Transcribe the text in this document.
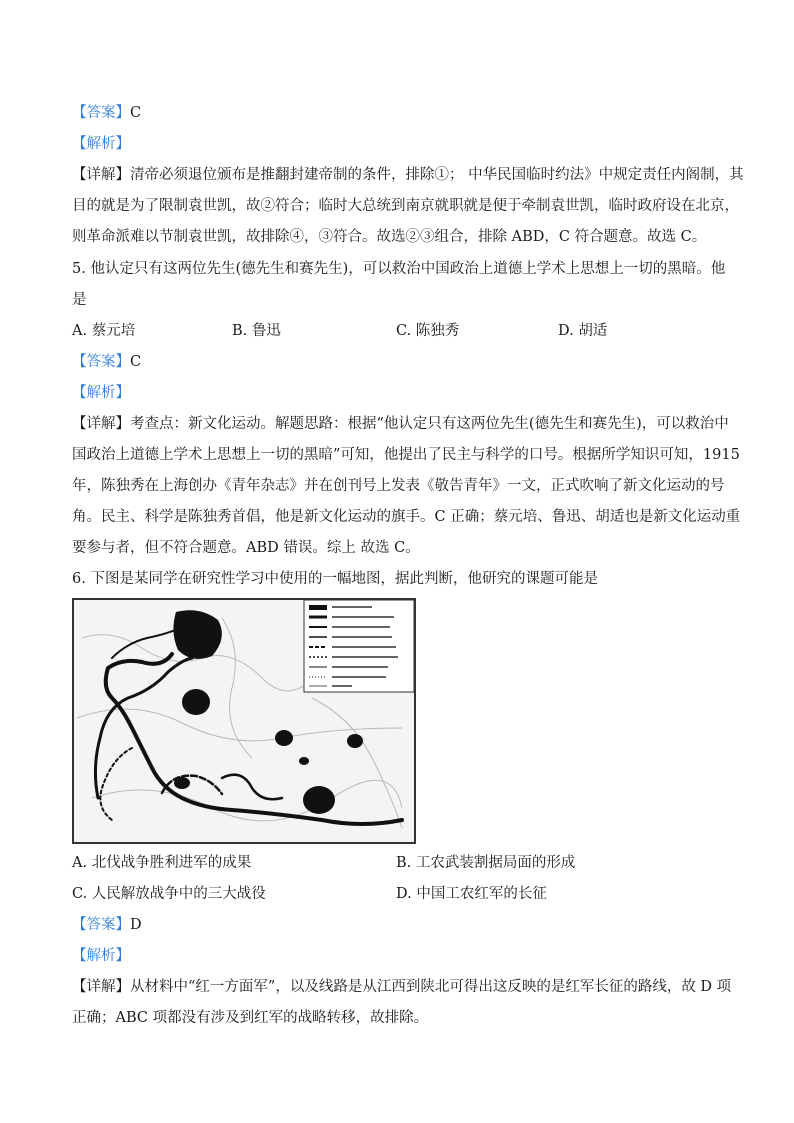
【答案】C
【解析】
【详解】清帝必须退位颁布是推翻封建帝制的条件，排除①； 中华民国临时约法》中规定责任内阁制，其
目的就是为了限制袁世凯，故②符合；临时大总统到南京就职就是便于牵制袁世凯，临时政府设在北京，
则革命派难以节制袁世凯，故排除④，③符合。故选②③组合，排除 ABD，C 符合题意。故选 C。
5. 他认定只有这两位先生(德先生和赛先生)，可以救治中国政治上道德上学术上思想上一切的黑暗。他
是
A. 蔡元培	B. 鲁迅	C. 陈独秀	D. 胡适
【答案】C
【解析】
【详解】考查点：新文化运动。解题思路：根据“他认定只有这两位先生(德先生和赛先生)，可以救治中
国政治上道德上学术上思想上一切的黑暗”可知，他提出了民主与科学的口号。根据所学知识可知，1915
年，陈独秀在上海创办《青年杂志》并在创刊号上发表《敬告青年》一文，正式吹响了新文化运动的号
角。民主、科学是陈独秀首倡，他是新文化运动的旗手。C 正确；蔡元培、鲁迅、胡适也是新文化运动重
要参与者，但不符合题意。ABD 错误。综上 故选 C。
6. 下图是某同学在研究性学习中使用的一幅地图，据此判断，他研究的课题可能是
A. 北伐战争胜利进军的成果	B. 工农武装割据局面的形成
C. 人民解放战争中的三大战役	D. 中国工农红军的长征
【答案】D
【解析】
【详解】从材料中“红一方面军”，以及线路是从江西到陕北可得出这反映的是红军长征的路线，故 D 项
正确；ABC 项都没有涉及到红军的战略转移，故排除。
